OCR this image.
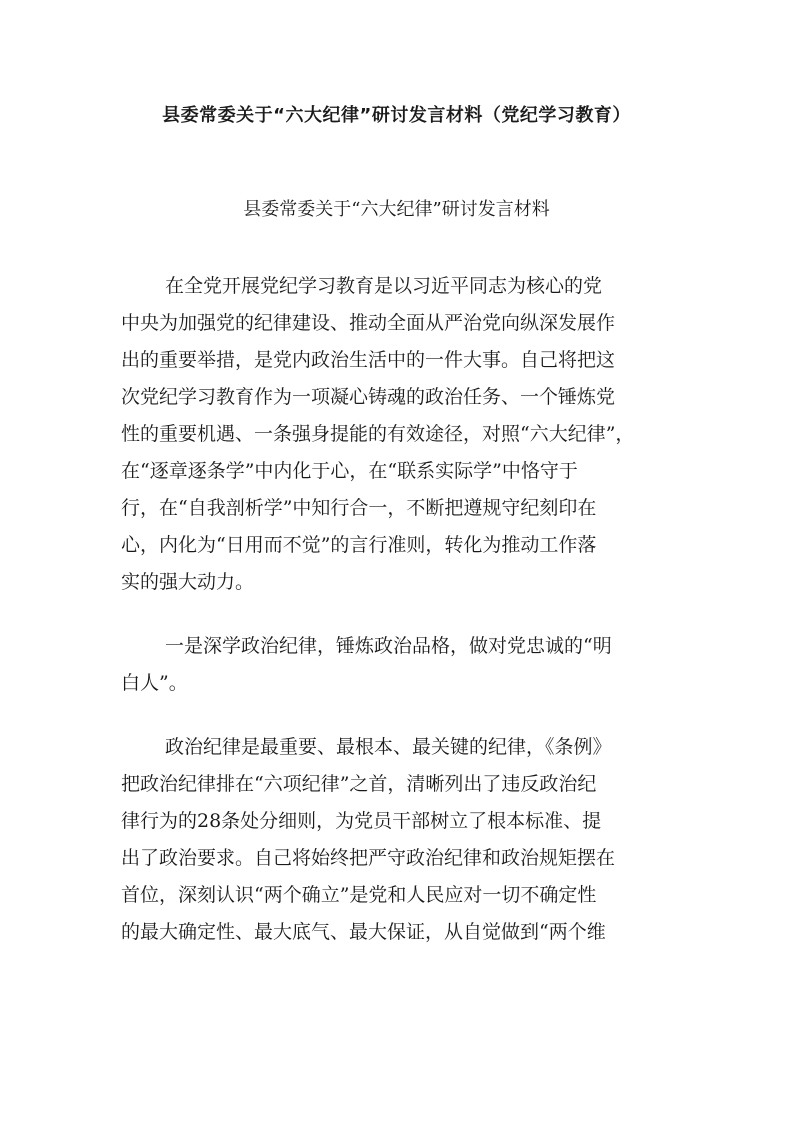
县委常委关于“六大纪律”研讨发言材料（党纪学习教育）
县委常委关于“六大纪律”研讨发言材料

在全党开展党纪学习教育是以习近平同志为核心的党
中央为加强党的纪律建设、推动全面从严治党向纵深发展作
出的重要举措，是党内政治生活中的一件大事。自己将把这
次党纪学习教育作为一项凝心铸魂的政治任务、一个锤炼党
性的重要机遇、一条强身提能的有效途径，对照“六大纪律”，
在“逐章逐条学”中内化于心，在“联系实际学”中恪守于
行，在“自我剖析学”中知行合一，不断把遵规守纪刻印在
心，内化为“日用而不觉”的言行准则，转化为推动工作落
实的强大动力。

一是深学政治纪律，锤炼政治品格，做对党忠诚的“明
白人”。

政治纪律是最重要、最根本、最关键的纪律，《条例》
把政治纪律排在“六项纪律”之首，清晰列出了违反政治纪
律行为的28条处分细则，为党员干部树立了根本标准、提
出了政治要求。自己将始终把严守政治纪律和政治规矩摆在
首位，深刻认识“两个确立”是党和人民应对一切不确定性
的最大确定性、最大底气、最大保证，从自觉做到“两个维
